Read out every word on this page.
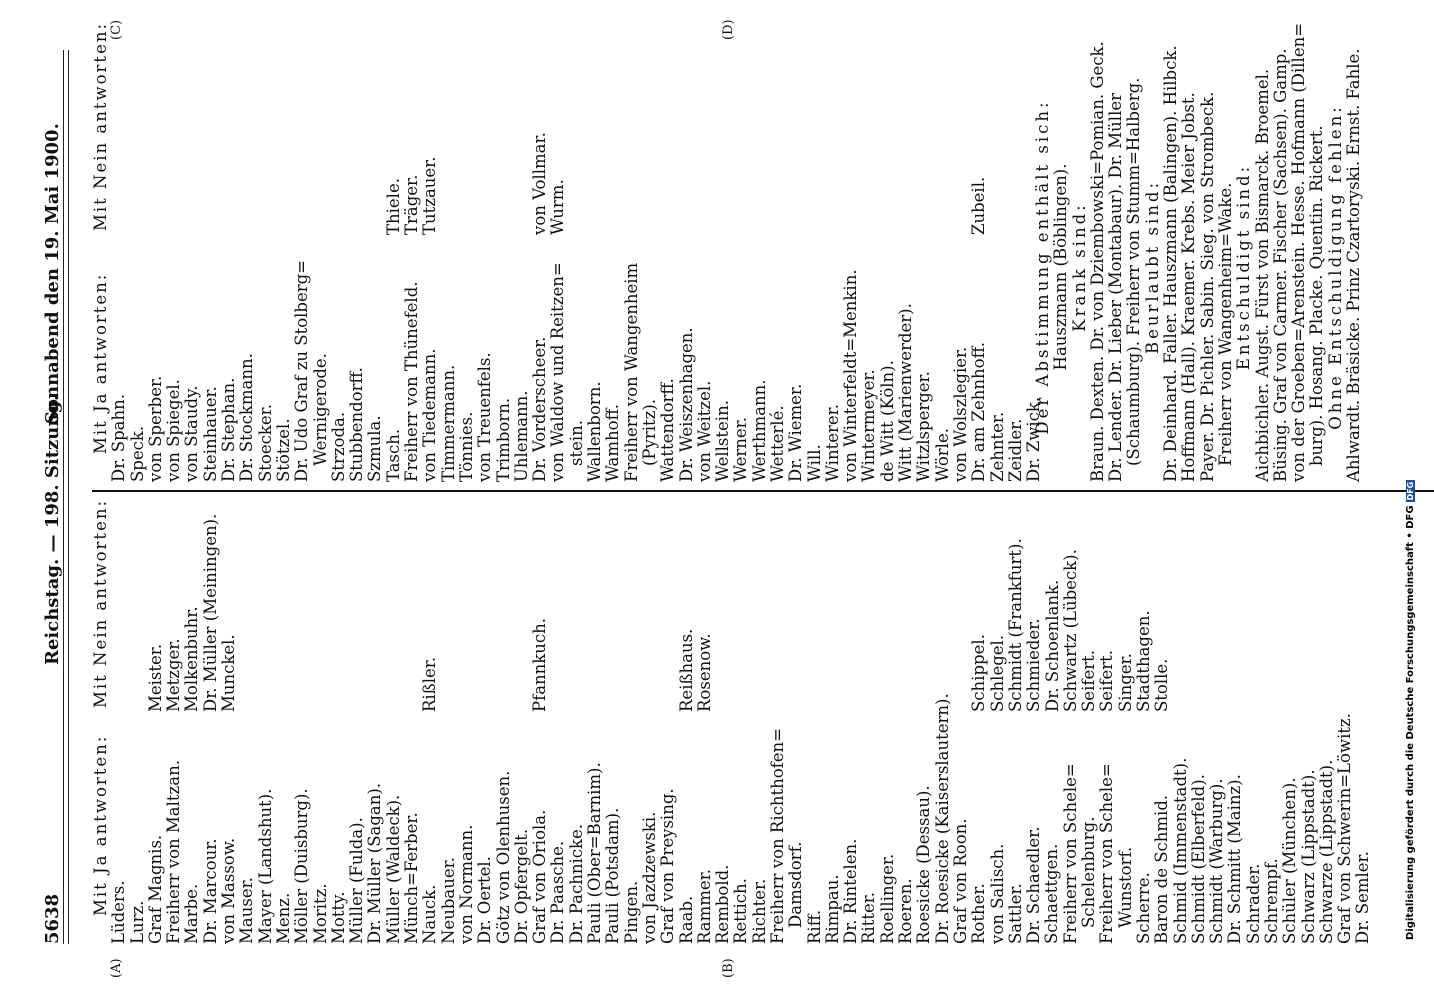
5638
Reichstag. — 198. Sitzung.
Sonnabend den 19. Mai 1900.
(A)	(B)
(C)	(D)
Mit Ja antworten: Lüders. Lurz. Graf Magnis. Freiherr von Maltzan. Marbe. Dr. Marcour. von Massow. Mauser. Mayer (Landshut). Menz. Möller (Duisburg). Moritz. Motty. Müller (Fulda). Dr. Müller (Sagan). Müller (Waldeck). Münch=Ferber. Nauck. Neubauer. von Normann. Dr. Oertel. Götz von Olenhusen. Dr. Opfergelt. Graf von Oriola. Dr. Paasche. Dr. Pachnicke. Pauli (Ober=Barnim). Pauli (Potsdam). Pingen. von Jazdzewski. Graf von Preysing. Raab. Rammer. Rembold. Rettich. Richter. Freiherr von Richthofen= Damsdorf. Riff. Rimpau. Dr. Rintelen. Ritter. Roellinger. Roeren. Roesicke (Dessau). Dr. Roesicke (Kaiserslautern). Graf von Roon. Rother. von Salisch. Sattler. Dr. Schaedler. Schaettgen. Freiherr von Schele= Schelenburg. Freiherr von Schele= Wunstorf. Scherre. Baron de Schmid. Schmid (Immenstadt). Schmidt (Elberfeld). Schmidt (Warburg). Dr. Schmitt (Mainz). Schrader. Schrempf. Schüler (München). Schwarz (Lippstadt). Schwarze (Lippstadt). Graf von Schwerin=Löwitz. Dr. Semler.
Mit Nein antworten: Meister. Metzger. Molkenbuhr. Dr. Müller (Meiningen). Munckel.	Rißler.	Pfannkuch.	Reißhaus. Rosenow.	Schippel. Schlegel. Schmidt (Frankfurt). Schmieder. Dr. Schoenlank. Schwartz (Lübeck). Seifert. Seifert. Singer. Stadthagen. Stolle.
Mit Ja antworten: Dr. Spahn. Speck. von Sperber. von Spiegel. von Staudy. Steinhauer. Dr. Stephan. Dr. Stockmann. Stoecker. Stötzel. Dr. Udo Graf zu Stolberg= Wernigerode. Strzoda. Stubbendorff. Szmula. Tasch. Freiherr von Thünefeld. von Tiedemann. Timmermann. Tönnies. von Treuenfels. Trimborn. Uhlemann. Dr. Vorderscheer. von Waldow und Reitzen= stein. Wallenborn. Wamhoff. Freiherr von Wangenheim (Pyritz). Wattendorff. Dr. Weiszenhagen. von Weitzel. Wellstein. Werner. Werthmann. Wetterlé. Dr. Wiemer. Will. Winterer. von Winterfeldt=Menkin. Wintermeyer. de Witt (Köln). Witt (Marienwerder). Witzlsperger. Wörle. von Wolszlegier. Dr. am Zehnhoff. Zehnter. Zeidler. Dr. Zwick.
Mit Nein antworten:	Thiele. Träger. Tutzauer.	von Vollmar. Wurm.	Zubeil.	Der Abstimmung enthält sich: Hauszmann (Böblingen). Krank sind: Braun. Dexten. Dr. von Dziembowski=Pomian. Geck. Dr. Lender. Dr. Lieber (Montabaur). Dr. Müller (Schaumburg). Freiherr von Stumm=Halberg. Beurlaubt sind: Dr. Deinhard. Faller. Hauszmann (Balingen). Hilbck. Hoffmann (Hall). Kraemer. Krebs. Meier Jobst. Payer. Dr. Pichler. Sabin. Sieg. von Strombeck. Freiherr von Wangenheim=Wake. Entschuldigt sind: Aichbichler. Augst. Fürst von Bismarck. Broemel. Büsing. Graf von Carmer. Fischer (Sachsen). Gamp. von der Groeben=Arenstein. Hesse. Hofmann (Dillen= burg). Hosang. Placke. Quentin. Rickert. Ohne Entschuldigung fehlen: Ahlwardt. Bräsicke. Prinz Czartoryski. Ernst. Fahle.
Digitalisierung gefördert durch die Deutsche Forschungsgemeinschaft • DFGDFG
